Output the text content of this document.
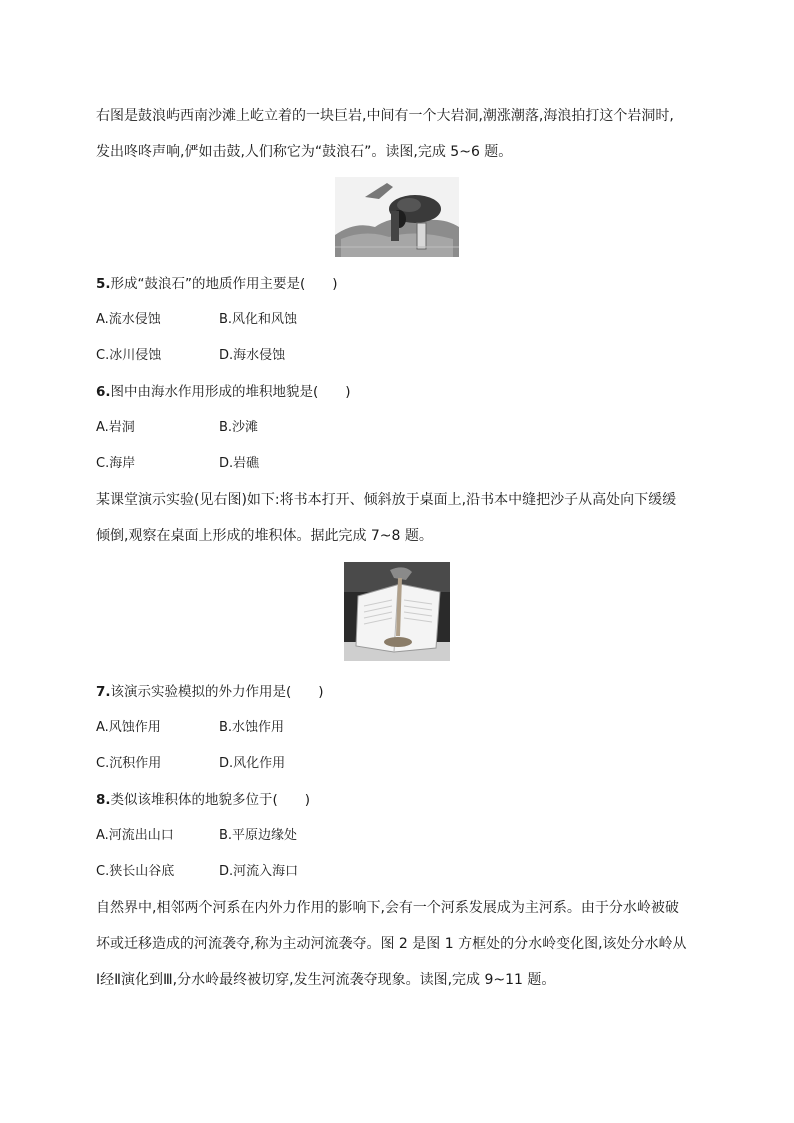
右图是鼓浪屿西南沙滩上屹立着的一块巨岩,中间有一个大岩洞,潮涨潮落,海浪拍打这个岩洞时,
发出咚咚声响,俨如击鼓,人们称它为“鼓浪石”。读图,完成 5~6 题。
5.形成“鼓浪石”的地质作用主要是(　　)
A.流水侵蚀	B.风化和风蚀
C.冰川侵蚀	D.海水侵蚀
6.图中由海水作用形成的堆积地貌是(　　)
A.岩洞	B.沙滩
C.海岸	D.岩礁
某课堂演示实验(见右图)如下:将书本打开、倾斜放于桌面上,沿书本中缝把沙子从高处向下缓缓
倾倒,观察在桌面上形成的堆积体。据此完成 7~8 题。
7.该演示实验模拟的外力作用是(　　)
A.风蚀作用	B.水蚀作用
C.沉积作用	D.风化作用
8.类似该堆积体的地貌多位于(　　)
A.河流出山口	B.平原边缘处
C.狭长山谷底	D.河流入海口
自然界中,相邻两个河系在内外力作用的影响下,会有一个河系发展成为主河系。由于分水岭被破
坏或迁移造成的河流袭夺,称为主动河流袭夺。图 2 是图 1 方框处的分水岭变化图,该处分水岭从
Ⅰ经Ⅱ演化到Ⅲ,分水岭最终被切穿,发生河流袭夺现象。读图,完成 9~11 题。
